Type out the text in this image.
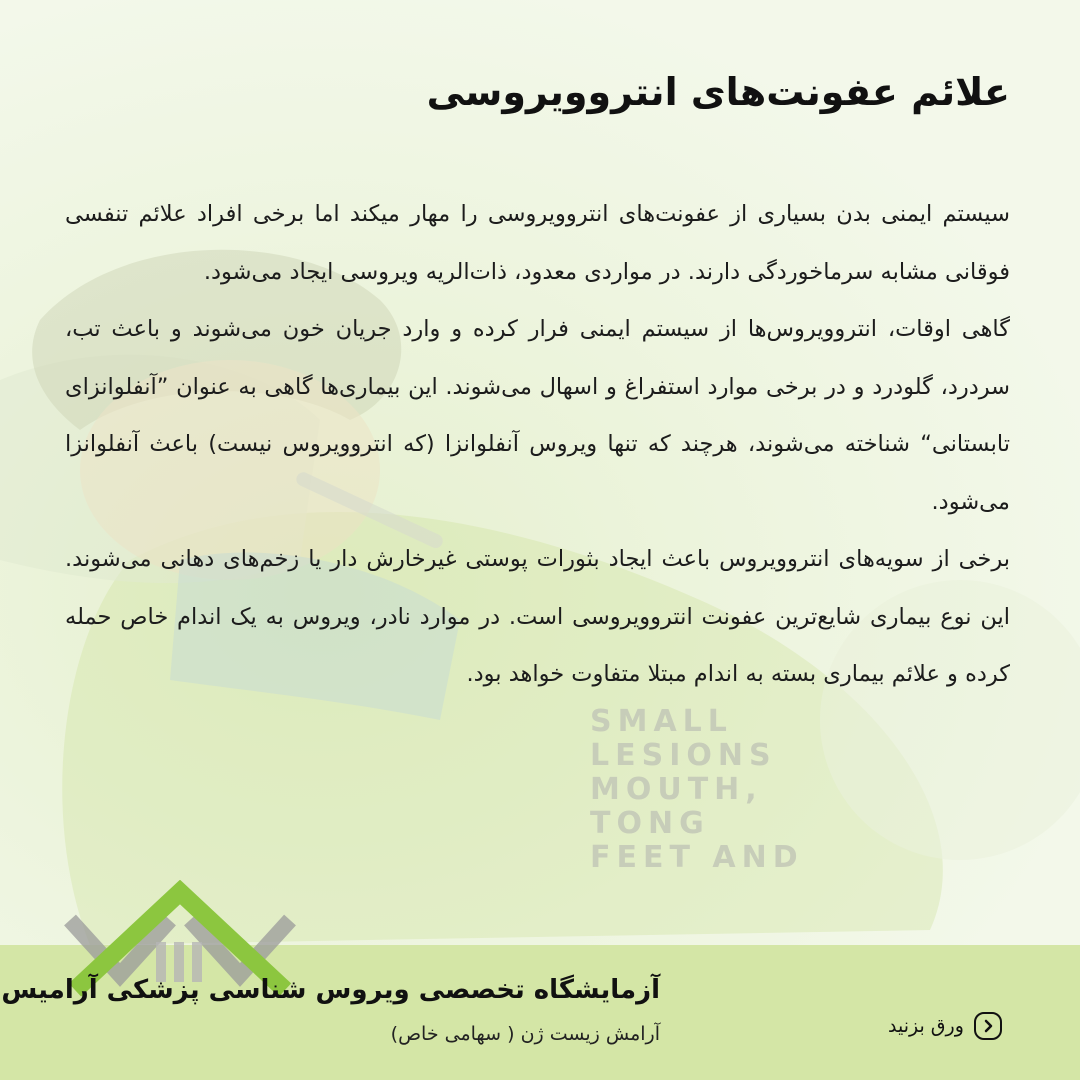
SMALL
LESIONS
MOUTH, TONG
FEET AND
علائم عفونت‌های انتروویروسی

سیستم ایمنی بدن بسیاری از عفونت‌های انتروویروسی را مهار میکند اما برخی افراد علائم تنفسی فوقانی مشابه سرماخوردگی دارند. در مواردی معدود، ذات‌الریه ویروسی ایجاد می‌شود.

گاهی اوقات، انتروویروس‌ها از سیستم ایمنی فرار کرده و وارد جریان خون می‌شوند و باعث تب، سردرد، گلودرد و در برخی موارد استفراغ و اسهال می‌شوند. این بیماری‌ها گاهی به عنوان ”آنفلوانزای تابستانی“ شناخته می‌شوند، هرچند که تنها ویروس آنفلوانزا (که انتروویروس نیست) باعث آنفلوانزا می‌شود.

برخی از سویه‌های انتروویروس باعث ایجاد بثورات پوستی غیرخارش دار یا زخم‌های دهانی می‌شوند. این نوع بیماری شایع‌ترین عفونت انتروویروسی است. در موارد نادر، ویروس به یک اندام خاص حمله کرده و علائم بیماری بسته به اندام مبتلا متفاوت خواهد بود.

آزمایشگاه تخصصی ویروس شناسی پزشکی آرامیس
آرامش زیست ژن ( سهامی خاص)	ورق بزنید
